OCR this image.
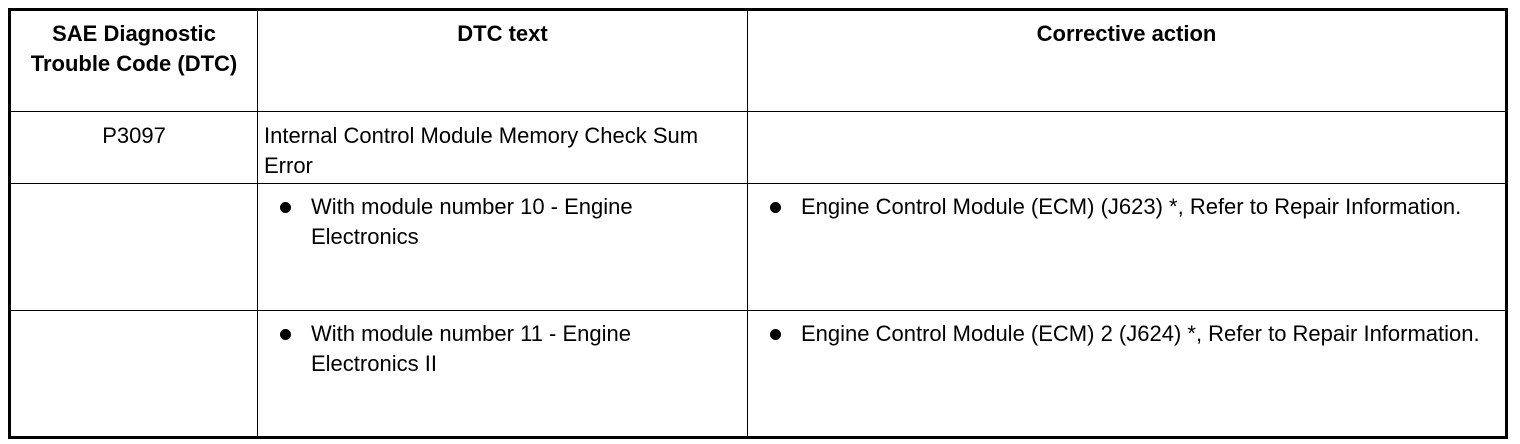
SAE Diagnostic Trouble Code (DTC)	DTC text	Corrective action
P3097	Internal Control Module Memory Check Sum Error	

	With module number 10 - Engine Electronics	Engine Control Module (ECM) (J623) *, Refer to Repair Information.

	With module number 11 - Engine Electronics II	Engine Control Module (ECM) 2 (J624) *, Refer to Repair Information.
